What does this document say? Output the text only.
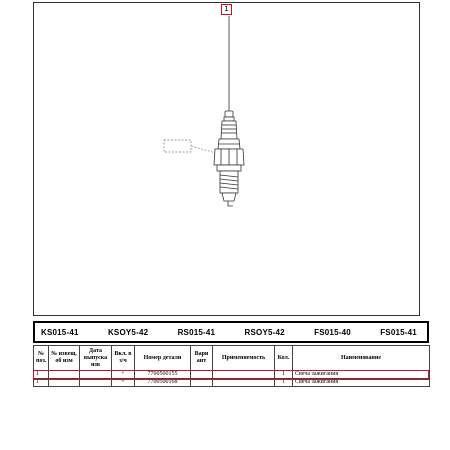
1
KS015-41	KSOY5-42	RS015-41	RSOY5-42	FS015-40	FS015-41
№ поз.	№ извещ. об изм	Дата выпуска изв	Вкл. в з/ч	Номер детали	Вари ант	Применяемость	Кол.	Наименование
1			+	7700500155			1	Свеча зажигания
1			+	7700500168			1	Свеча зажигания
